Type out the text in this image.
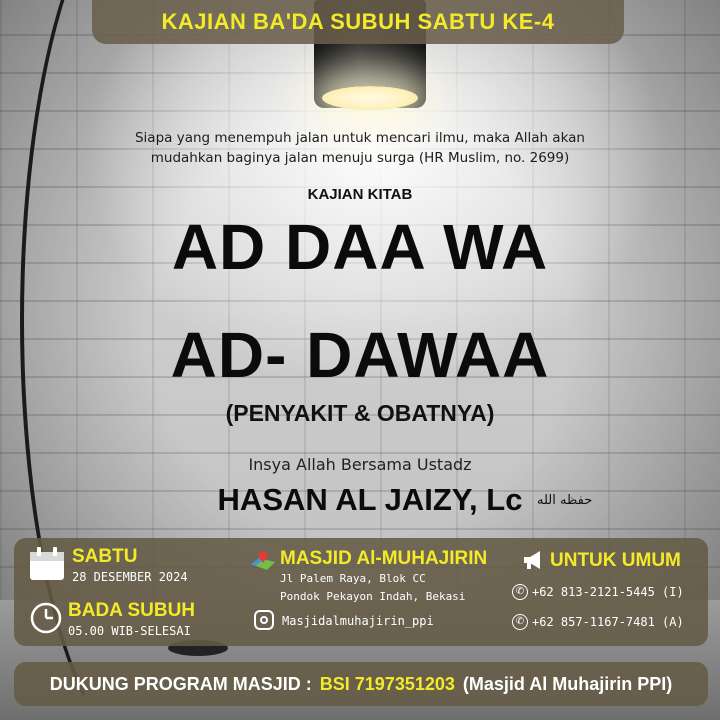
KAJIAN BA'DA SUBUH SABTU KE-4
Siapa yang menempuh jalan untuk mencari ilmu, maka Allah akan
mudahkan baginya jalan menuju surga (HR Muslim, no. 2699)
KAJIAN KITAB
AD DAA WA
AD- DAWAA
(PENYAKIT & OBATNYA)
Insya Allah Bersama Ustadz
HASAN AL JAIZY, Lc	حفظه الله
SABTU
28 DESEMBER 2024
BADA SUBUH
05.00 WIB-SELESAI
MASJID Al-MUHAJIRIN
Jl Palem Raya, Blok CC
Pondok Pekayon Indah, Bekasi
Masjidalmuhajirin_ppi
UNTUK UMUM
✆ +62 813-2121-5445 (I)
✆ +62 857-1167-7481 (A)
DUKUNG PROGRAM MASJID : BSI 7197351203 (Masjid Al Muhajirin PPI)
